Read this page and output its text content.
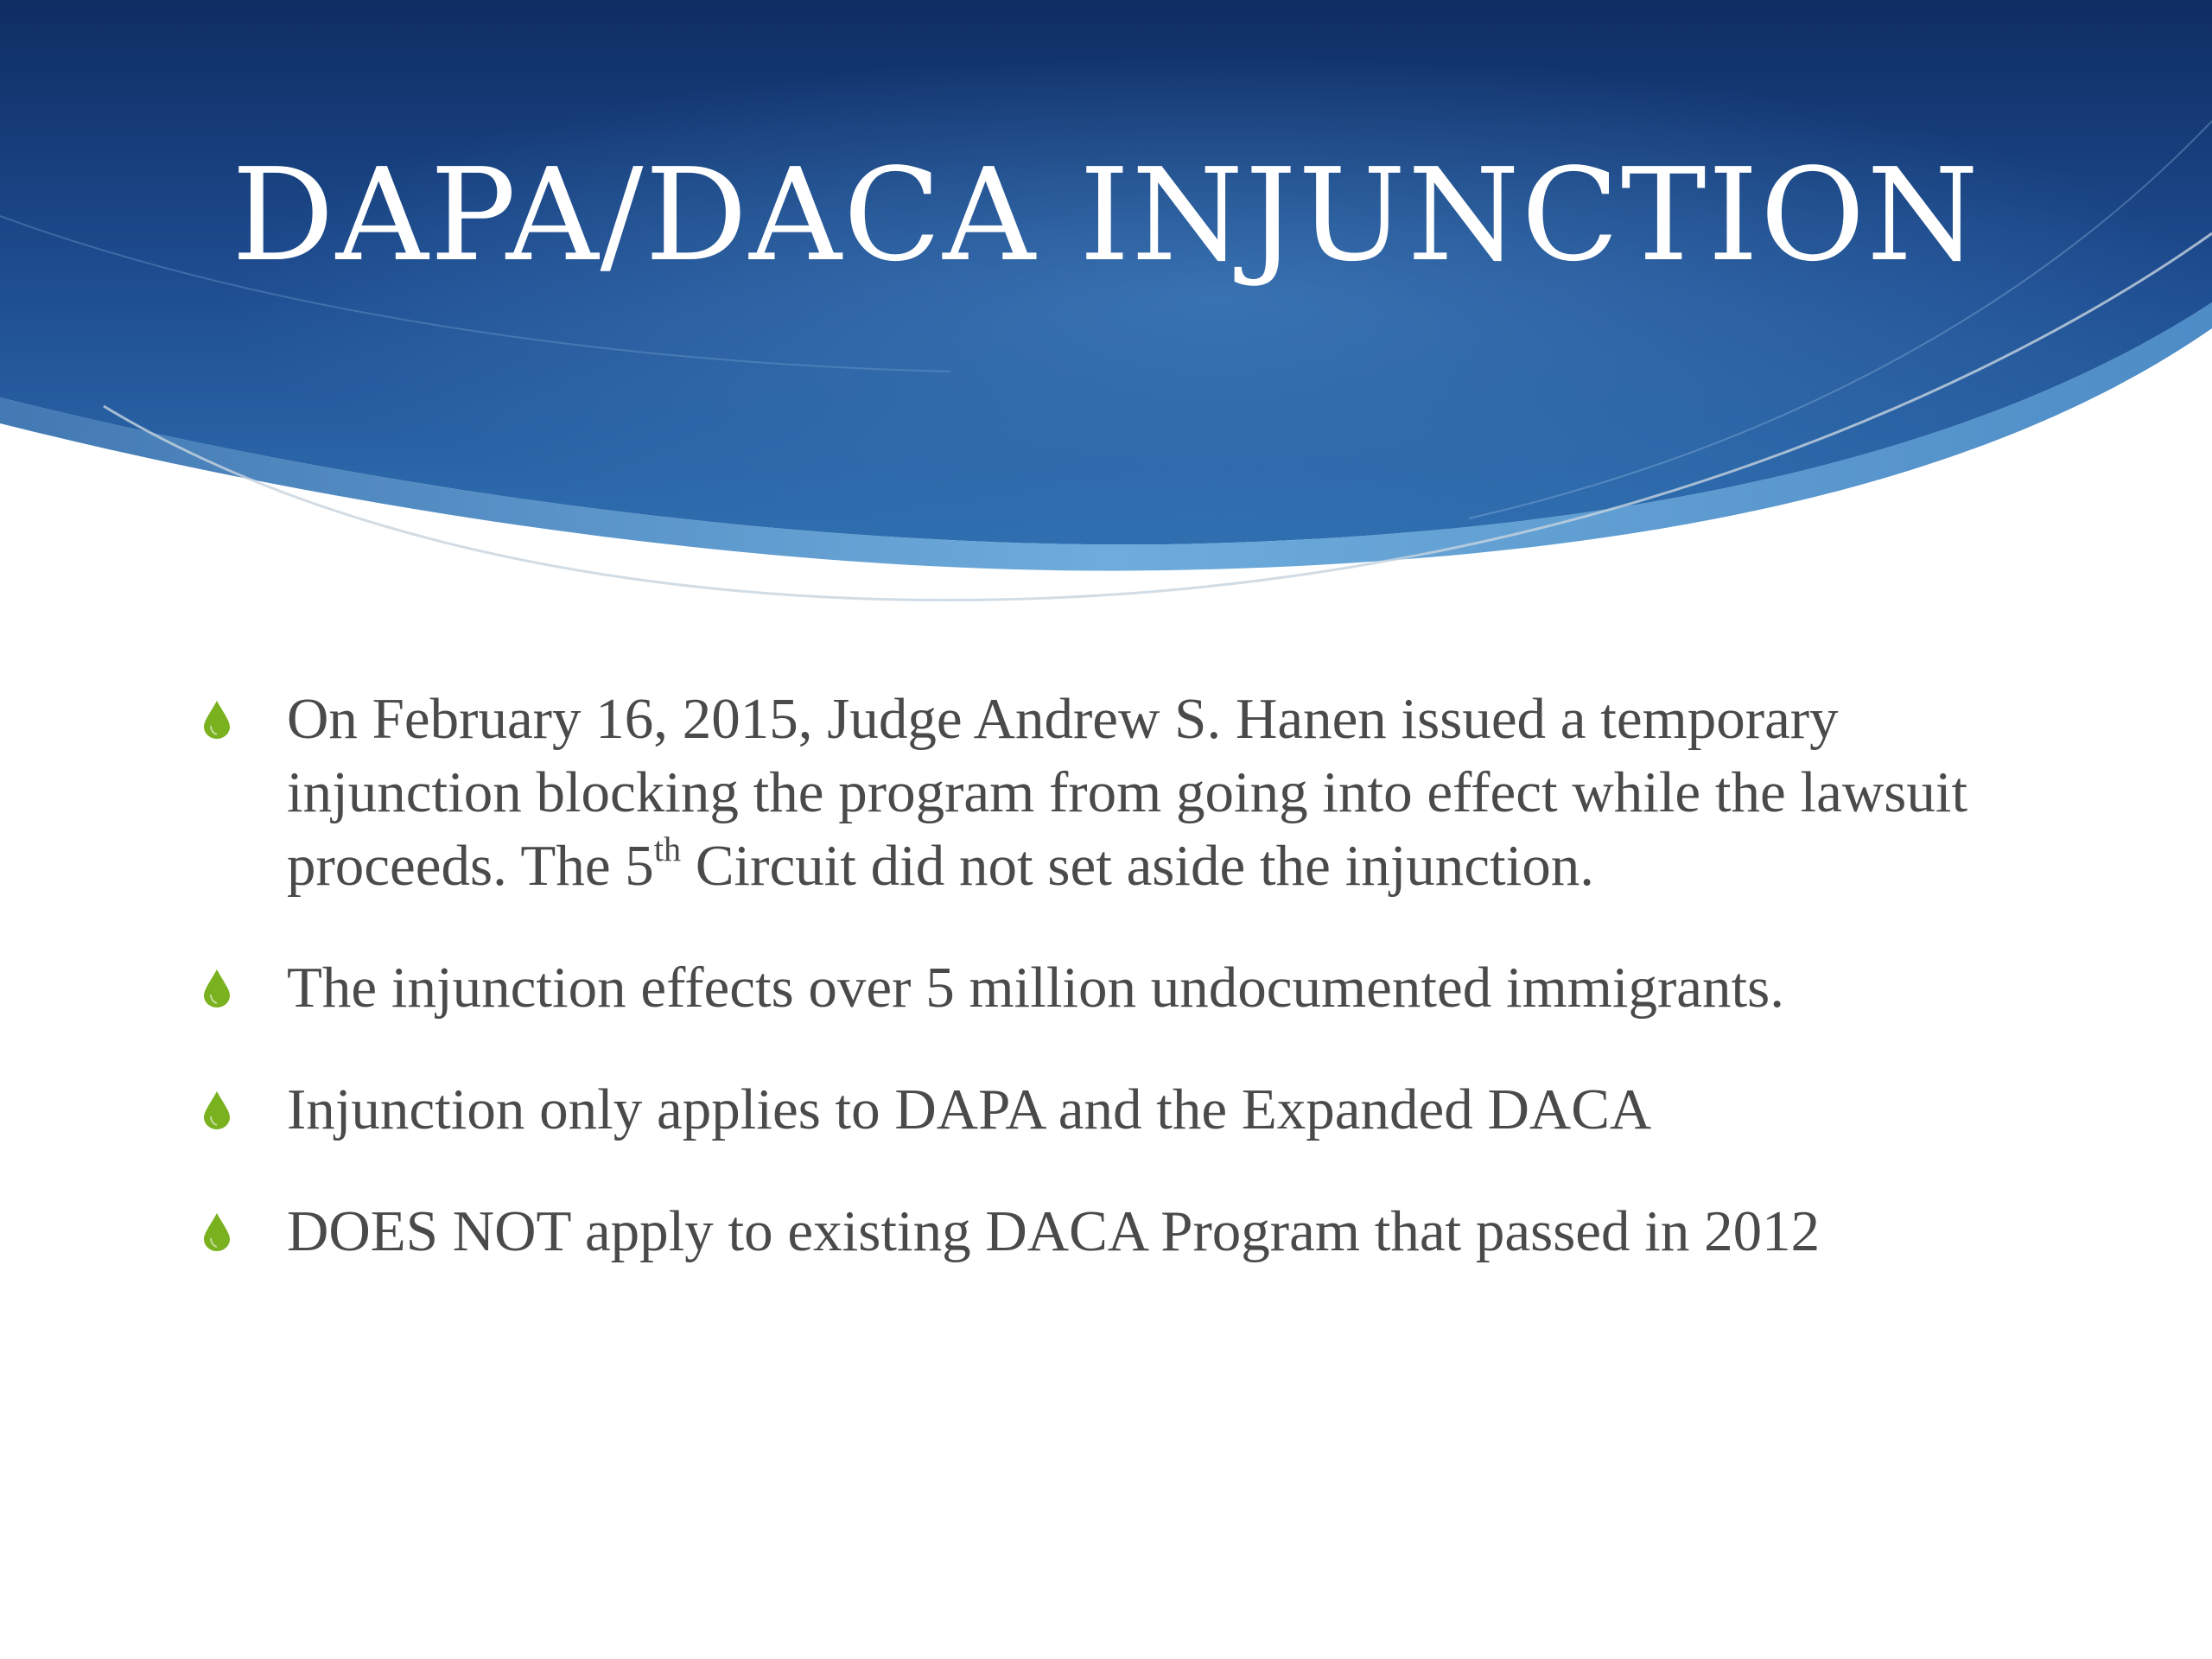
DAPA/DACA INJUNCTION
On February 16, 2015, Judge Andrew S. Hanen issued a temporary injunction blocking the program from going into effect while the lawsuit proceeds. The 5th Circuit did not set aside the injunction.
The injunction effects over 5 million undocumented immigrants.
Injunction only applies to DAPA and the Expanded DACA
DOES NOT apply to existing DACA Program that passed in 2012
